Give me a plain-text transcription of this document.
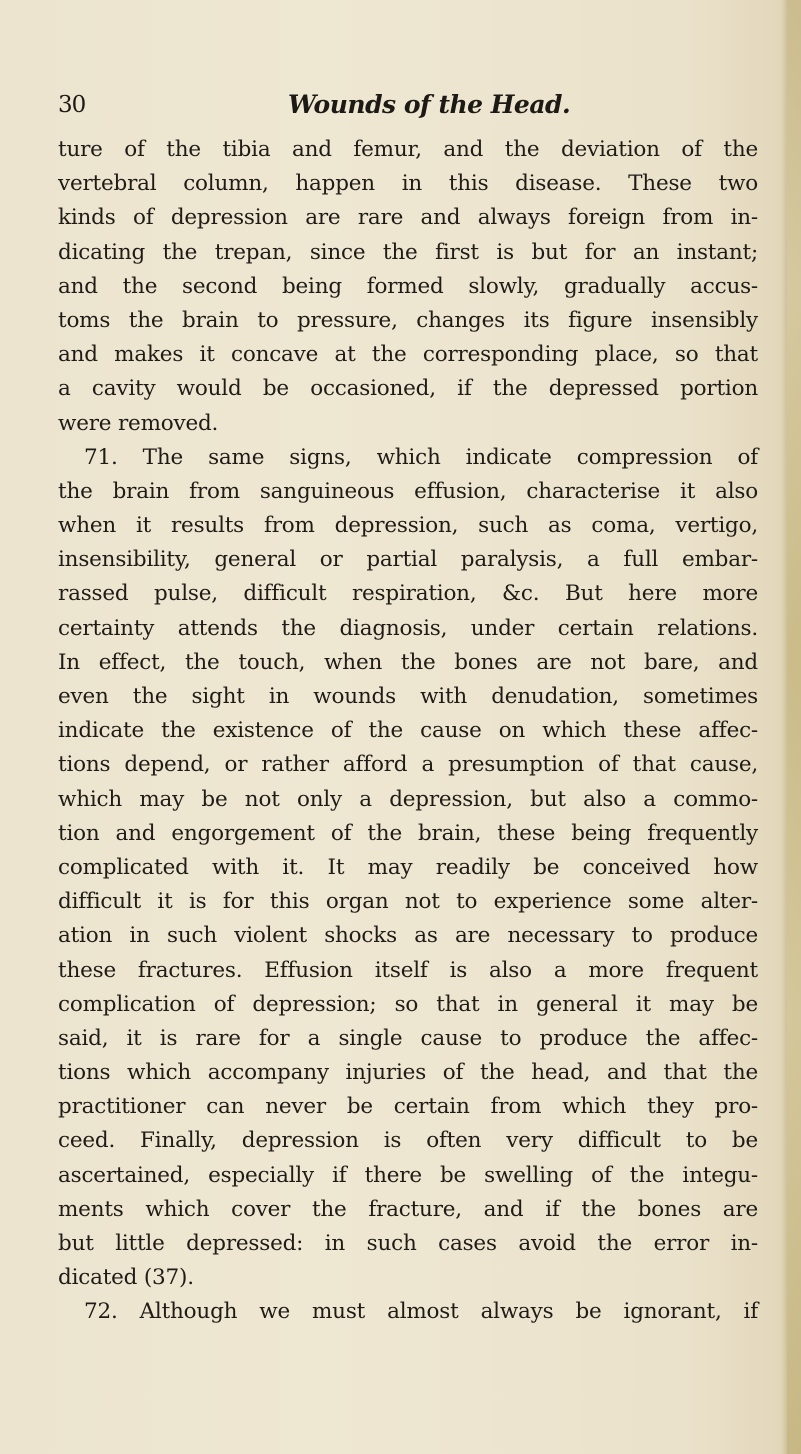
30	Wounds of the Head.
ture of the tibia and femur, and the deviation of the
vertebral column, happen in this disease. These two
kinds of depression are rare and always foreign from in-
dicating the trepan, since the first is but for an instant;
and the second being formed slowly, gradually accus-
toms the brain to pressure, changes its figure insensibly
and makes it concave at the corresponding place, so that
a cavity would be occasioned, if the depressed portion
were removed.
71. The same signs, which indicate compression of
the brain from sanguineous effusion, characterise it also
when it results from depression, such as coma, vertigo,
insensibility, general or partial paralysis, a full embar-
rassed pulse, difficult respiration, &c. But here more
certainty attends the diagnosis, under certain relations.
In effect, the touch, when the bones are not bare, and
even the sight in wounds with denudation, sometimes
indicate the existence of the cause on which these affec-
tions depend, or rather afford a presumption of that cause,
which may be not only a depression, but also a commo-
tion and engorgement of the brain, these being frequently
complicated with it. It may readily be conceived how
difficult it is for this organ not to experience some alter-
ation in such violent shocks as are necessary to produce
these fractures. Effusion itself is also a more frequent
complication of depression; so that in general it may be
said, it is rare for a single cause to produce the affec-
tions which accompany injuries of the head, and that the
practitioner can never be certain from which they pro-
ceed. Finally, depression is often very difficult to be
ascertained, especially if there be swelling of the integu-
ments which cover the fracture, and if the bones are
but little depressed: in such cases avoid the error in-
dicated (37).
72. Although we must almost always be ignorant, if
